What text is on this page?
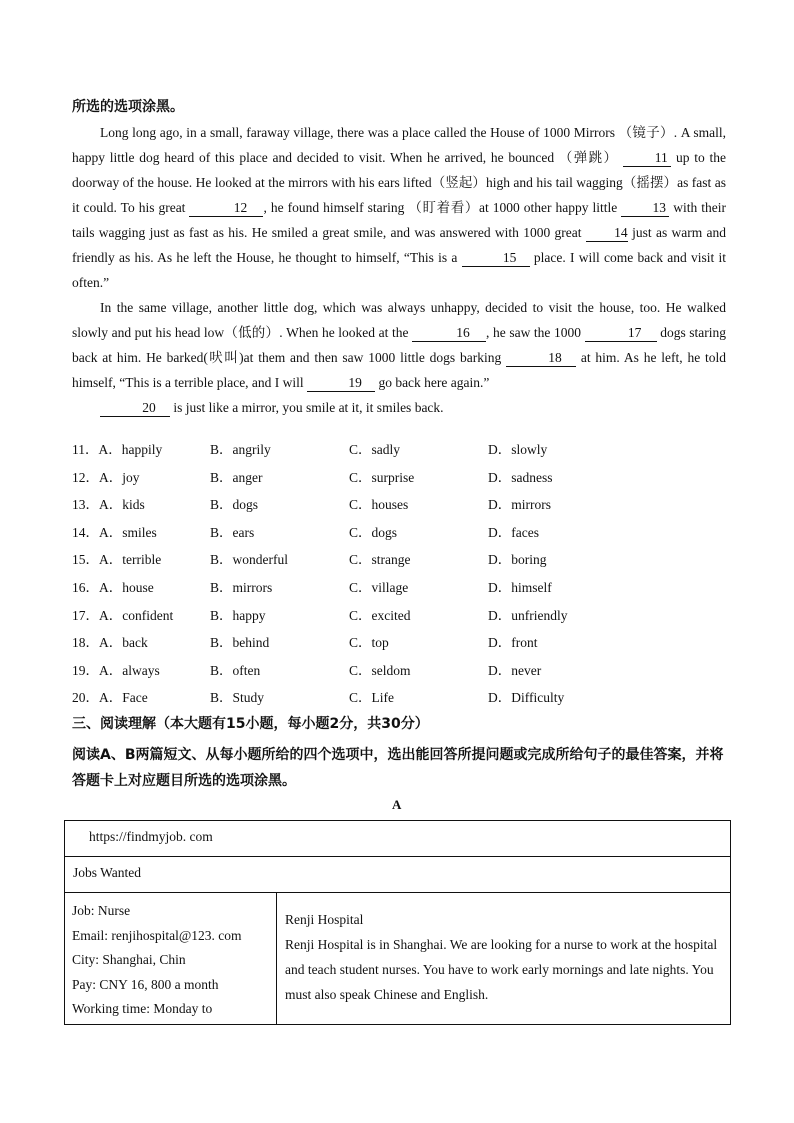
所选的选项涂黑。

Long long ago, in a small, faraway village, there was a place called the House of 1000 Mirrors （镜子）. A small, happy little dog heard of this place and decided to visit. When he arrived, he bounced （弹跳）	11 up to the doorway of the house. He looked at the mirrors with his ears lifted（竖起）high and his tail wagging（摇摆）as fast as it could. To his great	12 , he found himself staring （盯着看）at 1000 other happy little	13 with their tails wagging just as fast as his. He smiled a great smile, and was answered with 1000 great 14 just as warm and friendly as his. As he left the House, he thought to himself, “This is a	15 place. I will come back and visit it often.”

In the same village, another little dog, which was always unhappy, decided to visit the house, too. He walked slowly and put his head low（低的）. When he looked at the	16 , he saw the 1000	17 dogs staring back at him. He barked(吠叫)at them and then saw 1000 little dogs barking	18 at him. As he left, he told himself, “This is a terrible place, and I will	19 go back here again.”

20 is just like a mirror, you smile at it, it smiles back.

11．A．happily	B．angrily	C．sadly	D．slowly
12．A．joy	B．anger	C．surprise	D．sadness
13．A．kids	B．dogs	C．houses	D．mirrors
14．A．smiles	B．ears	C．dogs	D．faces
15．A．terrible	B．wonderful	C．strange	D．boring
16．A．house	B．mirrors	C．village	D．himself
17．A．confident	B．happy	C．excited	D．unfriendly
18．A．back	B．behind	C．top	D．front
19．A．always	B．often	C．seldom	D．never
20．A．Face	B．Study	C．Life	D．Difficulty
三、阅读理解（本大题有15小题，每小题2分，共30分）
阅读A、B两篇短文、从每小题所给的四个选项中，选出能回答所提问题或完成所给句子的最佳答案，并将答题卡上对应题目所选的选项涂黑。
A
https://findmyjob. com

Jobs Wanted

Job: Nurse
Email: renjihospital@123. com
City: Shanghai, Chin
Pay: CNY 16, 800 a month
Working time: Monday to

Renji Hospital
Renji Hospital is in Shanghai. We are looking for a nurse to work at the hospital and teach student nurses. You have to work early mornings and late nights. You must also speak Chinese and English.
